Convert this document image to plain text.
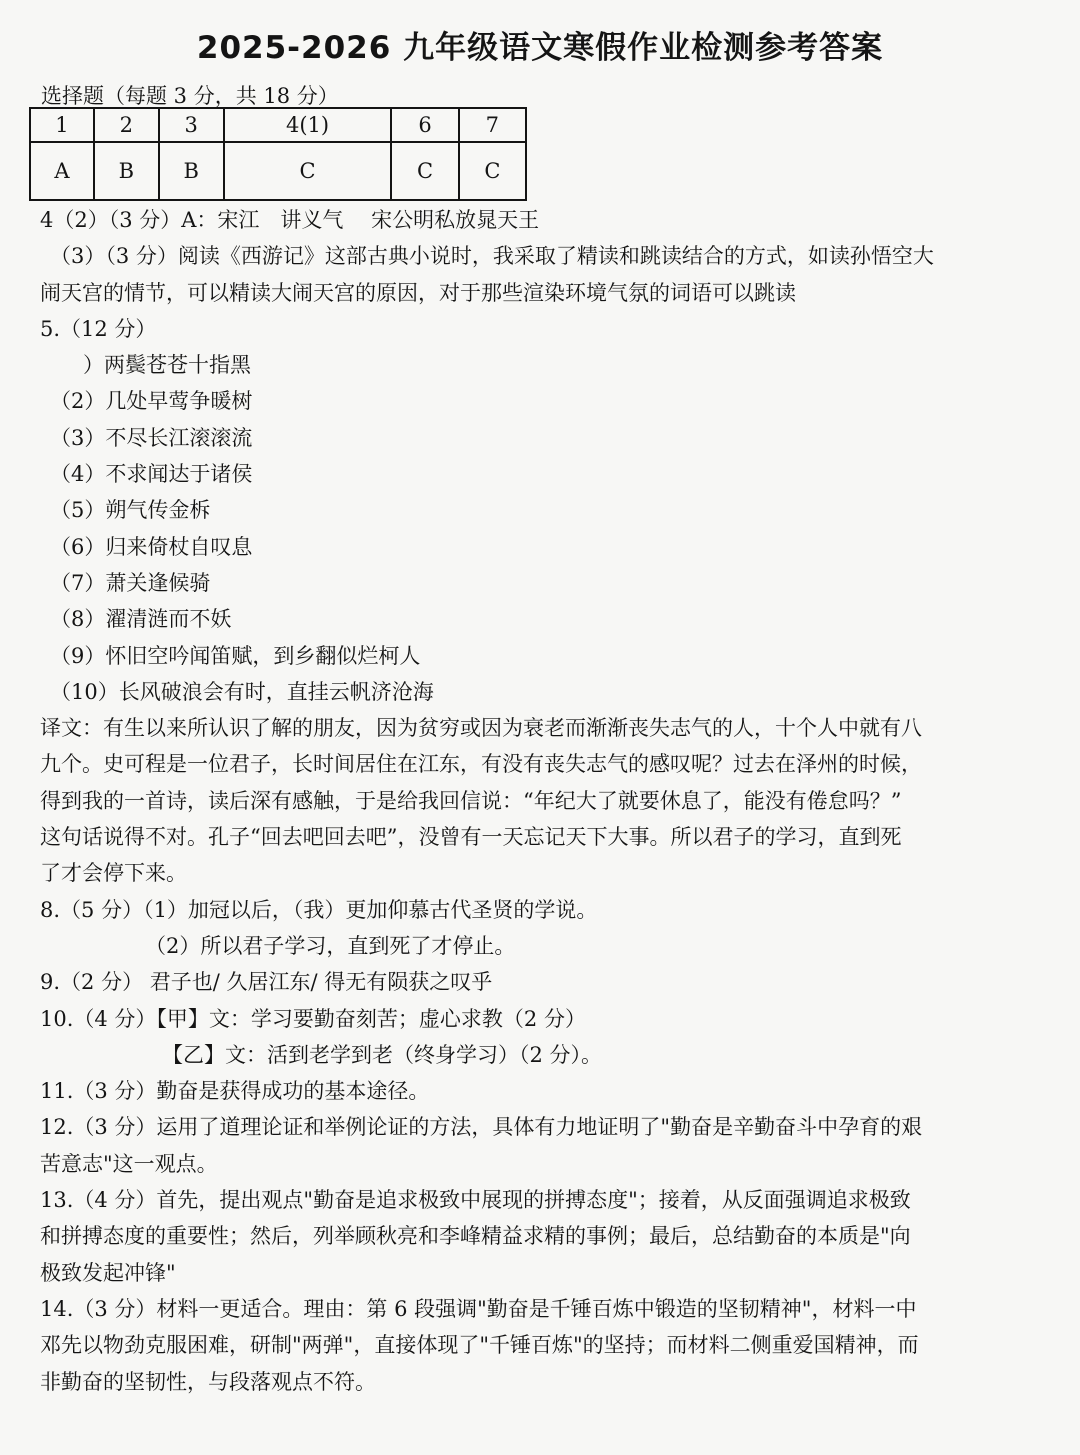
2025-2026 九年级语文寒假作业检测参考答案
选择题（每题 3 分，共 18 分）
1	2	3	4(1)	6	7
A	B	B	C	C	C

4（2）（3 分）A：宋江　讲义气　 宋公明私放晁天王

（3）（3 分）阅读《西游记》这部古典小说时，我采取了精读和跳读结合的方式，如读孙悟空大

闹天宫的情节，可以精读大闹天宫的原因，对于那些渲染环境气氛的词语可以跳读

5.（12 分）

　）两鬓苍苍十指黑

（2）几处早莺争暖树

（3）不尽长江滚滚流

（4）不求闻达于诸侯

（5）朔气传金柝

（6）归来倚杖自叹息

（7）萧关逢候骑

（8）濯清涟而不妖

（9）怀旧空吟闻笛赋，到乡翻似烂柯人

（10）长风破浪会有时，直挂云帆济沧海

译文：有生以来所认识了解的朋友，因为贫穷或因为衰老而渐渐丧失志气的人，十个人中就有八

九个。史可程是一位君子，长时间居住在江东，有没有丧失志气的感叹呢？过去在泽州的时候，

得到我的一首诗，读后深有感触，于是给我回信说：“年纪大了就要休息了，能没有倦怠吗？”

这句话说得不对。孔子“回去吧回去吧”，没曾有一天忘记天下大事。所以君子的学习，直到死

了才会停下来。

8.（5 分）（1）加冠以后，（我）更加仰慕古代圣贤的学说。

（2）所以君子学习，直到死了才停止。

9.（2 分） 君子也/ 久居江东/ 得无有陨获之叹乎

10.（4 分）【甲】文：学习要勤奋刻苦；虚心求教（2 分）

【乙】文：活到老学到老（终身学习）（2 分）。

11.（3 分）勤奋是获得成功的基本途径。

12.（3 分）运用了道理论证和举例论证的方法，具体有力地证明了"勤奋是辛勤奋斗中孕育的艰

苦意志"这一观点。

13.（4 分）首先，提出观点"勤奋是追求极致中展现的拼搏态度"；接着，从反面强调追求极致

和拼搏态度的重要性；然后，列举顾秋亮和李峰精益求精的事例；最后，总结勤奋的本质是"向

极致发起冲锋"

14.（3 分）材料一更适合。理由：第 6 段强调"勤奋是千锤百炼中锻造的坚韧精神"，材料一中

邓先以物劲克服困难，研制"两弹"，直接体现了"千锤百炼"的坚持；而材料二侧重爱国精神，而

非勤奋的坚韧性，与段落观点不符。
